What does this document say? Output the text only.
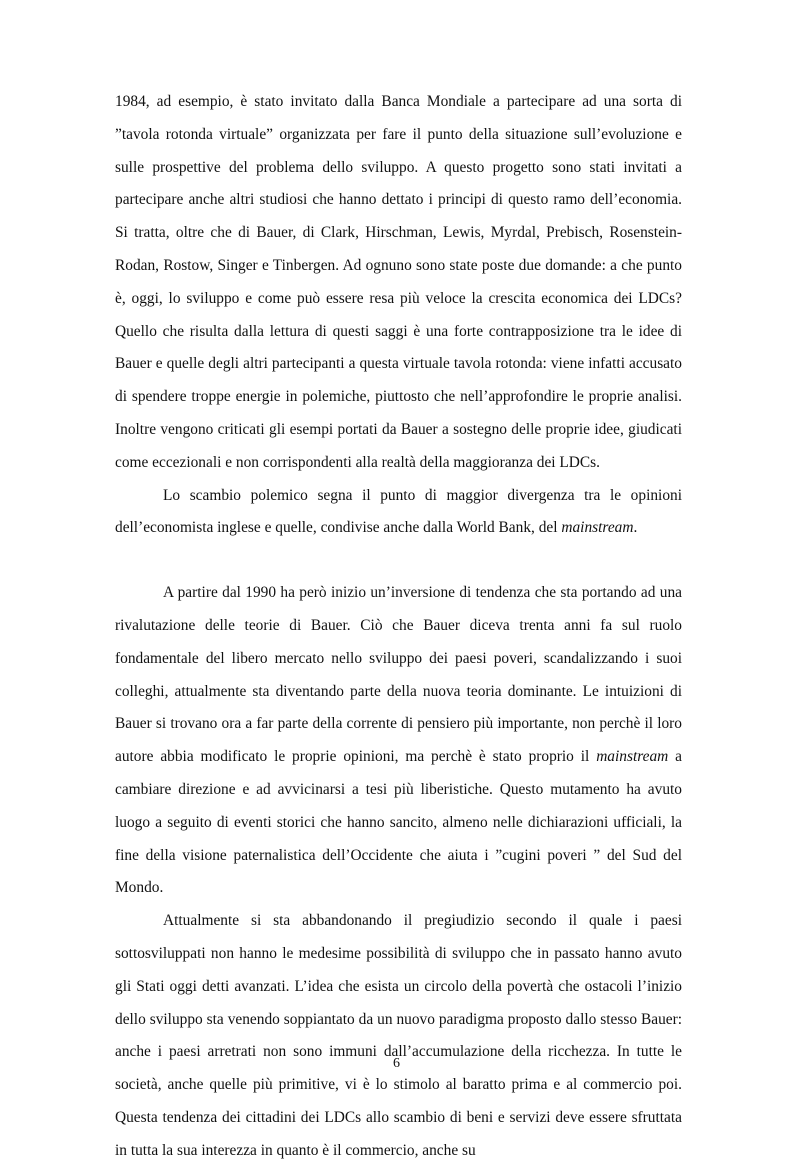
1984, ad esempio, è stato invitato dalla Banca Mondiale a partecipare ad una sorta di ”tavola rotonda virtuale” organizzata per fare il punto della situazione sull’evoluzione e sulle prospettive del problema dello sviluppo. A questo progetto sono stati invitati a partecipare anche altri studiosi che hanno dettato i principi di questo ramo dell’economia. Si tratta, oltre che di Bauer, di Clark, Hirschman, Lewis, Myrdal, Prebisch, Rosenstein-Rodan, Rostow, Singer e Tinbergen. Ad ognuno sono state poste due domande: a che punto è, oggi, lo sviluppo e come può essere resa più veloce la crescita economica dei LDCs? Quello che risulta dalla lettura di questi saggi è una forte contrapposizione tra le idee di Bauer e quelle degli altri partecipanti a questa virtuale tavola rotonda: viene infatti accusato di spendere troppe energie in polemiche, piuttosto che nell’approfondire le proprie analisi. Inoltre vengono criticati gli esempi portati da Bauer a sostegno delle proprie idee, giudicati come eccezionali e non corrispondenti alla realtà della maggioranza dei LDCs.

Lo scambio polemico segna il punto di maggior divergenza tra le opinioni dell’economista inglese e quelle, condivise anche dalla World Bank, del mainstream.

A partire dal 1990 ha però inizio un’inversione di tendenza che sta portando ad una rivalutazione delle teorie di Bauer. Ciò che Bauer diceva trenta anni fa sul ruolo fondamentale del libero mercato nello sviluppo dei paesi poveri, scandalizzando i suoi colleghi, attualmente sta diventando parte della nuova teoria dominante. Le intuizioni di Bauer si trovano ora a far parte della corrente di pensiero più importante, non perchè il loro autore abbia modificato le proprie opinioni, ma perchè è stato proprio il mainstream a cambiare direzione e ad avvicinarsi a tesi più liberistiche. Questo mutamento ha avuto luogo a seguito di eventi storici che hanno sancito, almeno nelle dichiarazioni ufficiali, la fine della visione paternalistica dell’Occidente che aiuta i ”cugini poveri ” del Sud del Mondo.

Attualmente si sta abbandonando il pregiudizio secondo il quale i paesi sottosviluppati non hanno le medesime possibilità di sviluppo che in passato hanno avuto gli Stati oggi detti avanzati. L’idea che esista un circolo della povertà che ostacoli l’inizio dello sviluppo sta venendo soppiantato da un nuovo paradigma proposto dallo stesso Bauer: anche i paesi arretrati non sono immuni dall’accumulazione della ricchezza. In tutte le società, anche quelle più primitive, vi è lo stimolo al baratto prima e al commercio poi. Questa tendenza dei cittadini dei LDCs allo scambio di beni e servizi deve essere sfruttata in tutta la sua interezza in quanto è il commercio, anche su

6
